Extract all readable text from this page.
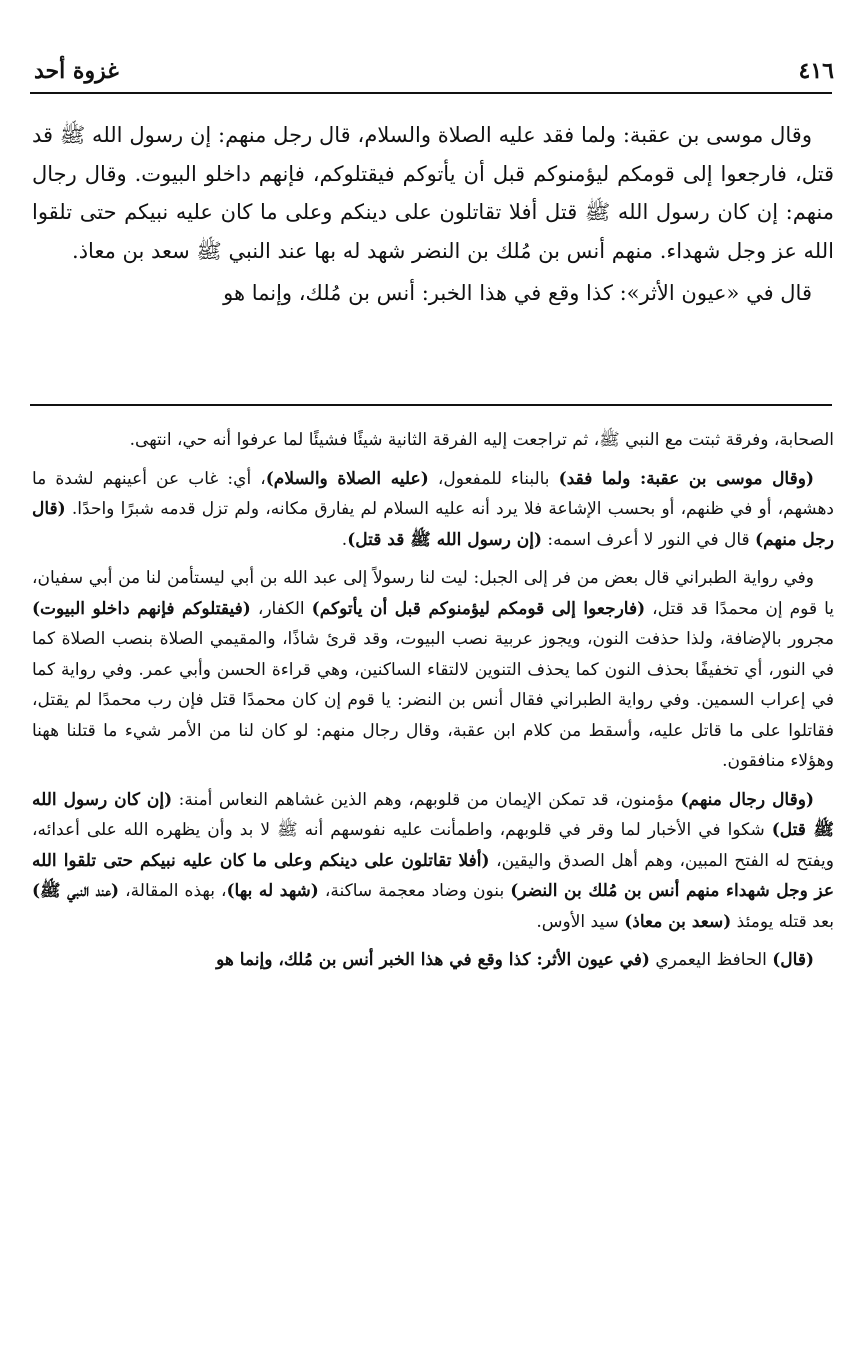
٤١٦
غزوة أحد

وقال موسى بن عقبة: ولما فقد عليه الصلاة والسلام، قال رجل منهم: إن رسول الله ﷺ قد قتل، فارجعوا إلى قومكم ليؤمنوكم قبل أن يأتوكم فيقتلوكم، فإنهم داخلو البيوت. وقال رجال منهم: إن كان رسول الله ﷺ قتل أفلا تقاتلون على دينكم وعلى ما كان عليه نبيكم حتى تلقوا الله عز وجل شهداء. منهم أنس بن مُلك بن النضر شهد له بها عند النبي ﷺ سعد بن معاذ.

قال في «عيون الأثر»: كذا وقع في هذا الخبر: أنس بن مُلك، وإنما هو

الصحابة، وفرقة ثبتت مع النبي ﷺ، ثم تراجعت إليه الفرقة الثانية شيئًا فشيئًا لما عرفوا أنه حي، انتهى.

(وقال موسى بن عقبة: ولما فقد) بالبناء للمفعول، (عليه الصلاة والسلام)، أي: غاب عن أعينهم لشدة ما دهشهم، أو في ظنهم، أو بحسب الإشاعة فلا يرد أنه عليه السلام لم يفارق مكانه، ولم تزل قدمه شبرًا واحدًا. (قال رجل منهم) قال في النور لا أعرف اسمه: (إن رسول الله ﷺ قد قتل).

وفي رواية الطبراني قال بعض من فر إلى الجبل: ليت لنا رسولاً إلى عبد الله بن أبي ليستأمن لنا من أبي سفيان، يا قوم إن محمدًا قد قتل، (فارجعوا إلى قومكم ليؤمنوكم قبل أن يأتوكم) الكفار، (فيقتلوكم فإنهم داخلو البيوت) مجرور بالإضافة، ولذا حذفت النون، ويجوز عربية نصب البيوت، وقد قرئ شاذًا، والمقيمي الصلاة بنصب الصلاة كما في النور، أي تخفيفًا بحذف النون كما يحذف التنوين لالتقاء الساكنين، وهي قراءة الحسن وأبي عمر. وفي رواية كما في إعراب السمين. وفي رواية الطبراني فقال أنس بن النضر: يا قوم إن كان محمدًا قتل فإن رب محمدًا لم يقتل، فقاتلوا على ما قاتل عليه، وأسقط من كلام ابن عقبة، وقال رجال منهم: لو كان لنا من الأمر شيء ما قتلنا ههنا وهؤلاء منافقون.

(وقال رجال منهم) مؤمنون، قد تمكن الإيمان من قلوبهم، وهم الذين غشاهم النعاس أمنة: (إن كان رسول الله ﷺ قتل) شكوا في الأخبار لما وقر في قلوبهم، واطمأنت عليه نفوسهم أنه ﷺ لا بد وأن يظهره الله على أعدائه، ويفتح له الفتح المبين، وهم أهل الصدق واليقين، (أفلا تقاتلون على دينكم وعلى ما كان عليه نبيكم حتى تلقوا الله عز وجل شهداء منهم أنس بن مُلك بن النضر) بنون وضاد معجمة ساكنة، (شهد له بها)، بهذه المقالة، (عند النبي ﷺ) بعد قتله يومئذ (سعد بن معاذ) سيد الأوس.

(قال) الحافظ اليعمري (في عيون الأثر: كذا وقع في هذا الخبر أنس بن مُلك، وإنما هو
